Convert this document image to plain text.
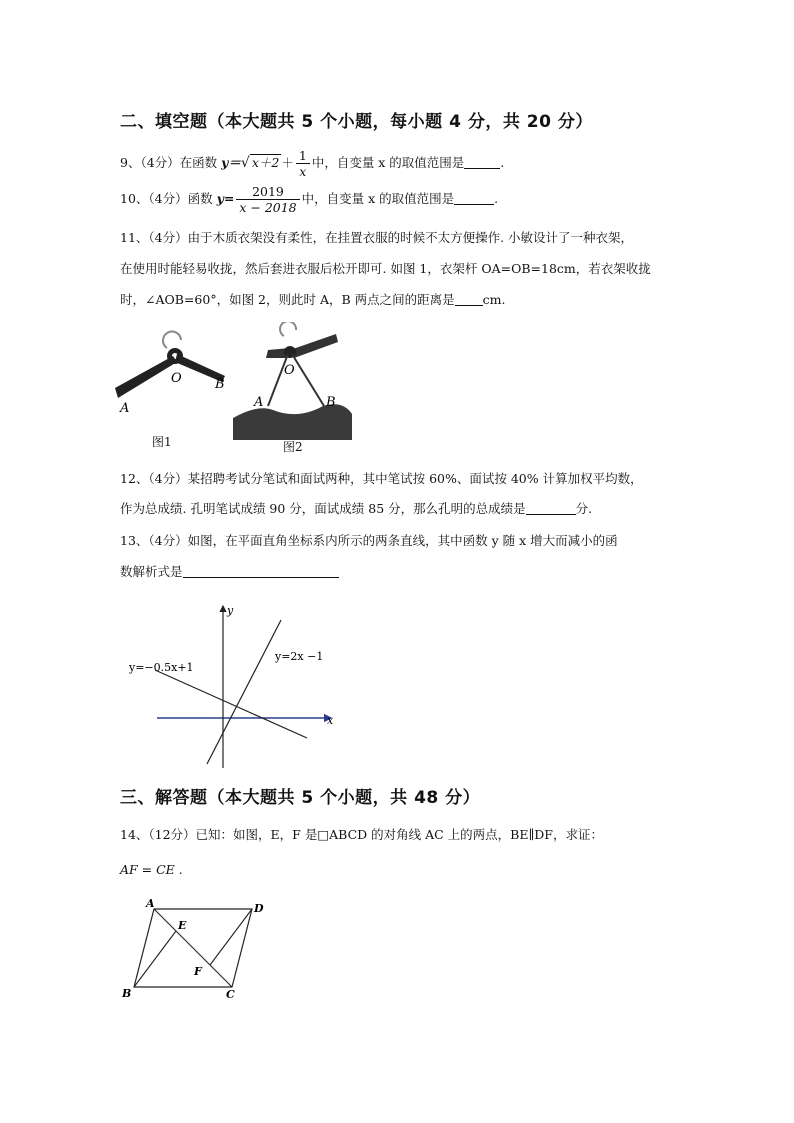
二、填空题（本大题共 5 个小题，每小题 4 分，共 20 分）
9、（4分）在函数 y＝√ $x+2 + \frac{1}{x}$ 中，自变量 x 的取值范围是	.
10、（4分）函数 $y= \frac{2019}{x - 2018}$ 中，自变量 x 的取值范围是	.
11、（4分）由于木质衣架没有柔性，在挂置衣服的时候不太方便操作. 小敏设计了一种衣架，
在使用时能轻易收拢，然后套进衣服后松开即可. 如图 1，衣架杆 OA=OB=18cm，若衣架收拢
时，∠AOB=60°，如图 2，则此时 A，B 两点之间的距离是 cm.
O	B
A
图1
O
A	B
图2
12、（4分）某招聘考试分笔试和面试两种，其中笔试按 60%、面试按 40% 计算加权平均数，
作为总成绩. 孔明笔试成绩 90 分，面试成绩 85 分，那么孔明的总成绩是	分.
13、（4分）如图，在平面直角坐标系内所示的两条直线，其中函数 y 随 x 增大而减小的函
数解析式是
y
x
y=2x −1
y=−0.5x+1
三、解答题（本大题共 5 个小题，共 48 分）
14、（12分）已知：如图，E，F 是□ABCD 的对角线 AC 上的两点，BE∥DF，求证：
AF = CE .
A	D
B	C
E
F
